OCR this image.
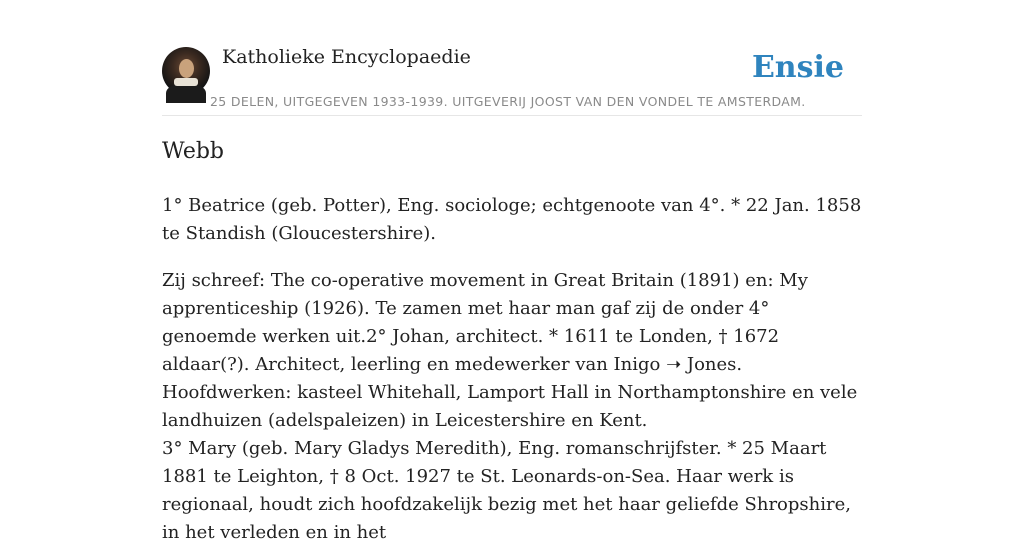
Katholieke Encyclopaedie
25 DELEN, UITGEGEVEN 1933-1939. UITGEVERIJ JOOST VAN DEN VONDEL TE AMSTERDAM.
Ensie
Webb

1° Beatrice (geb. Potter), Eng. sociologe; echtgenoote van 4°. * 22 Jan. 1858 te Standish (Gloucestershire).

Zij schreef: The co-operative movement in Great Britain (1891) en: My apprenticeship (1926). Te zamen met haar man gaf zij de onder 4° genoemde werken uit.2° Johan, architect. * 1611 te Londen, † 1672 aldaar(?). Architect, leerling en medewerker van Inigo ➝ Jones. Hoofdwerken: kasteel Whitehall, Lamport Hall in Northamptonshire en vele landhuizen (adelspaleizen) in Leicestershire en Kent.
3° Mary (geb. Mary Gladys Meredith), Eng. romanschrijfster. * 25 Maart 1881 te Leighton, † 8 Oct. 1927 te St. Leonards-on-Sea. Haar werk is regionaal, houdt zich hoofdzakelijk bezig met het haar geliefde Shropshire, in het verleden en in het
